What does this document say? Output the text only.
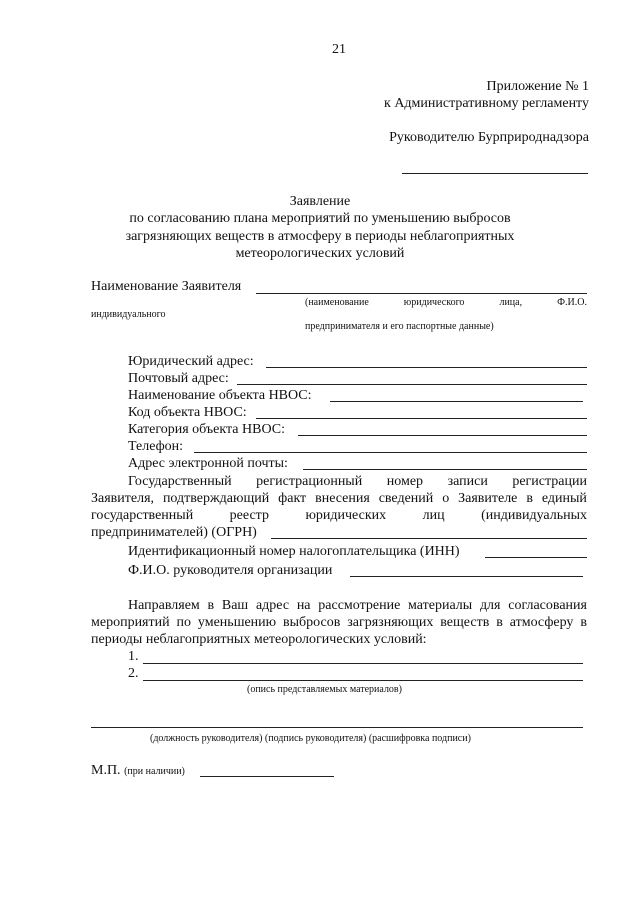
21
Приложение № 1
к Административному регламенту
Руководителю Бурприроднадзора
Заявление
по согласованию плана мероприятий по уменьшению выбросов
загрязняющих веществ в атмосферу в периоды неблагоприятных
метеорологических условий
Наименование Заявителя
(наименование	юридического	лица,	Ф.И.О.
индивидуального
предпринимателя и его паспортные данные)
Юридический адрес:
Почтовый адрес:
Наименование объекта НВОС:
Код объекта НВОС:
Категория объекта НВОС:
Телефон:
Адрес электронной почты:
Государственный регистрационный номер записи регистрации
Заявителя, подтверждающий факт внесения сведений о Заявителе в единый
государственный	реестр	юридических	лиц	(индивидуальных
предпринимателей) (ОГРН)
Идентификационный номер налогоплательщика (ИНН)
Ф.И.О. руководителя организации
Направляем в Ваш адрес на рассмотрение материалы для согласования
мероприятий по уменьшению выбросов загрязняющих веществ в атмосферу в
периоды неблагоприятных метеорологических условий:
1.
2.
(опись представляемых материалов)
(должность руководителя) (подпись руководителя) (расшифровка подписи)
М.П. (при наличии)
